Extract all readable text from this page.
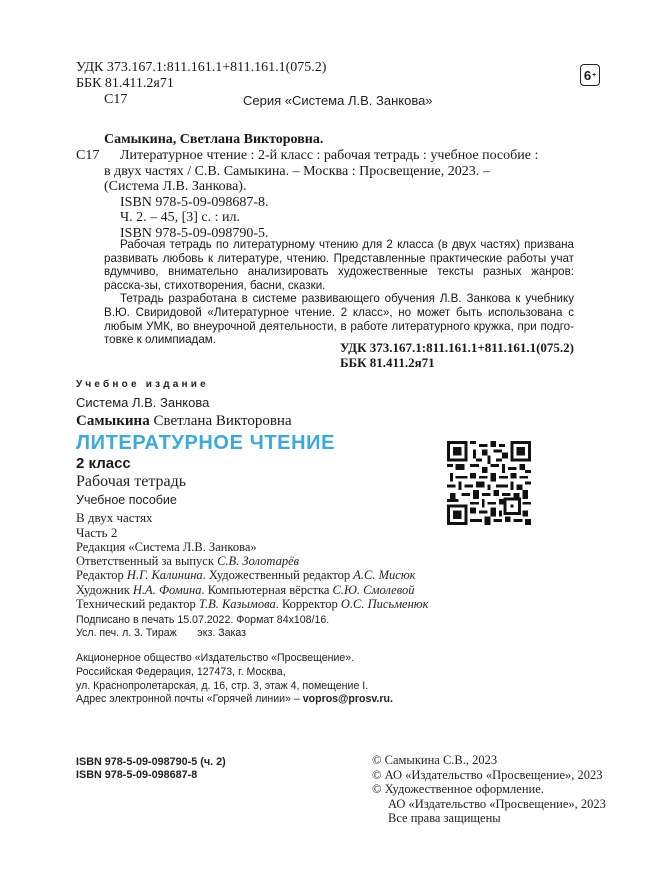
УДК 373.167.1:811.161.1+811.161.1(075.2)
ББК 81.411.2я71
С17	Серия «Система Л.В. Занкова»
6 +
Самыкина, Светлана Викторовна.
С17	Литературное чтение : 2-й класс : рабочая тетрадь : учебное пособие :
в двух частях / С.В. Самыкина. – Москва : Просвещение, 2023. –
(Система Л.В. Занкова).
ISBN 978-5-09-098687-8.
Ч. 2. – 45, [3] с. : ил.
ISBN 978-5-09-098790-5.

Рабочая тетрадь по литературному чтению для 2 класса (в двух частях) призвана развивать любовь к литературе, чтению. Представленные практические работы учат вдумчиво, внимательно анализировать художественные тексты разных жанров: расска-зы, стихотворения, басни, сказки.

Тетрадь разработана в системе развивающего обучения Л.В. Занкова к учебнику В.Ю. Свиридовой «Литературное чтение. 2 класс», но может быть использована с любым УМК, во внеурочной деятельности, в работе литературного кружка, при подго-товке к олимпиадам.

УДК 373.167.1:811.161.1+811.161.1(075.2)
ББК 81.411.2я71
Учебное издание
Система Л.В. Занкова
Самыкина Светлана Викторовна
ЛИТЕРАТУРНОЕ ЧТЕНИЕ
2 класс
Рабочая тетрадь
Учебное пособие
В двух частях
Часть 2
Редакция «Система Л.В. Занкова»
Ответственный за выпуск С.В. Золотарёв
Редактор Н.Г. Калинина. Художественный редактор А.С. Мисюк
Художник Н.А. Фомина. Компьютерная вёрстка С.Ю. Смолевой
Технический редактор Т.В. Казымова. Корректор О.С. Письменюк
Подписано в печать 15.07.2022. Формат 84x108/16.
Усл. печ. л. 3. Тираж       экз. Заказ
Акционерное общество «Издательство «Просвещение».
Российская Федерация, 127473, г. Москва,
ул. Краснопролетарская, д. 16, стр. 3, этаж 4, помещение I.
Адрес электронной почты «Горячей линии» – vopros@prosv.ru.
ISBN 978-5-09-098790-5 (ч. 2)
ISBN 978-5-09-098687-8
© Самыкина С.В., 2023
© АО «Издательство «Просвещение», 2023
© Художественное оформление.
АО «Издательство «Просвещение», 2023
Все права защищены
